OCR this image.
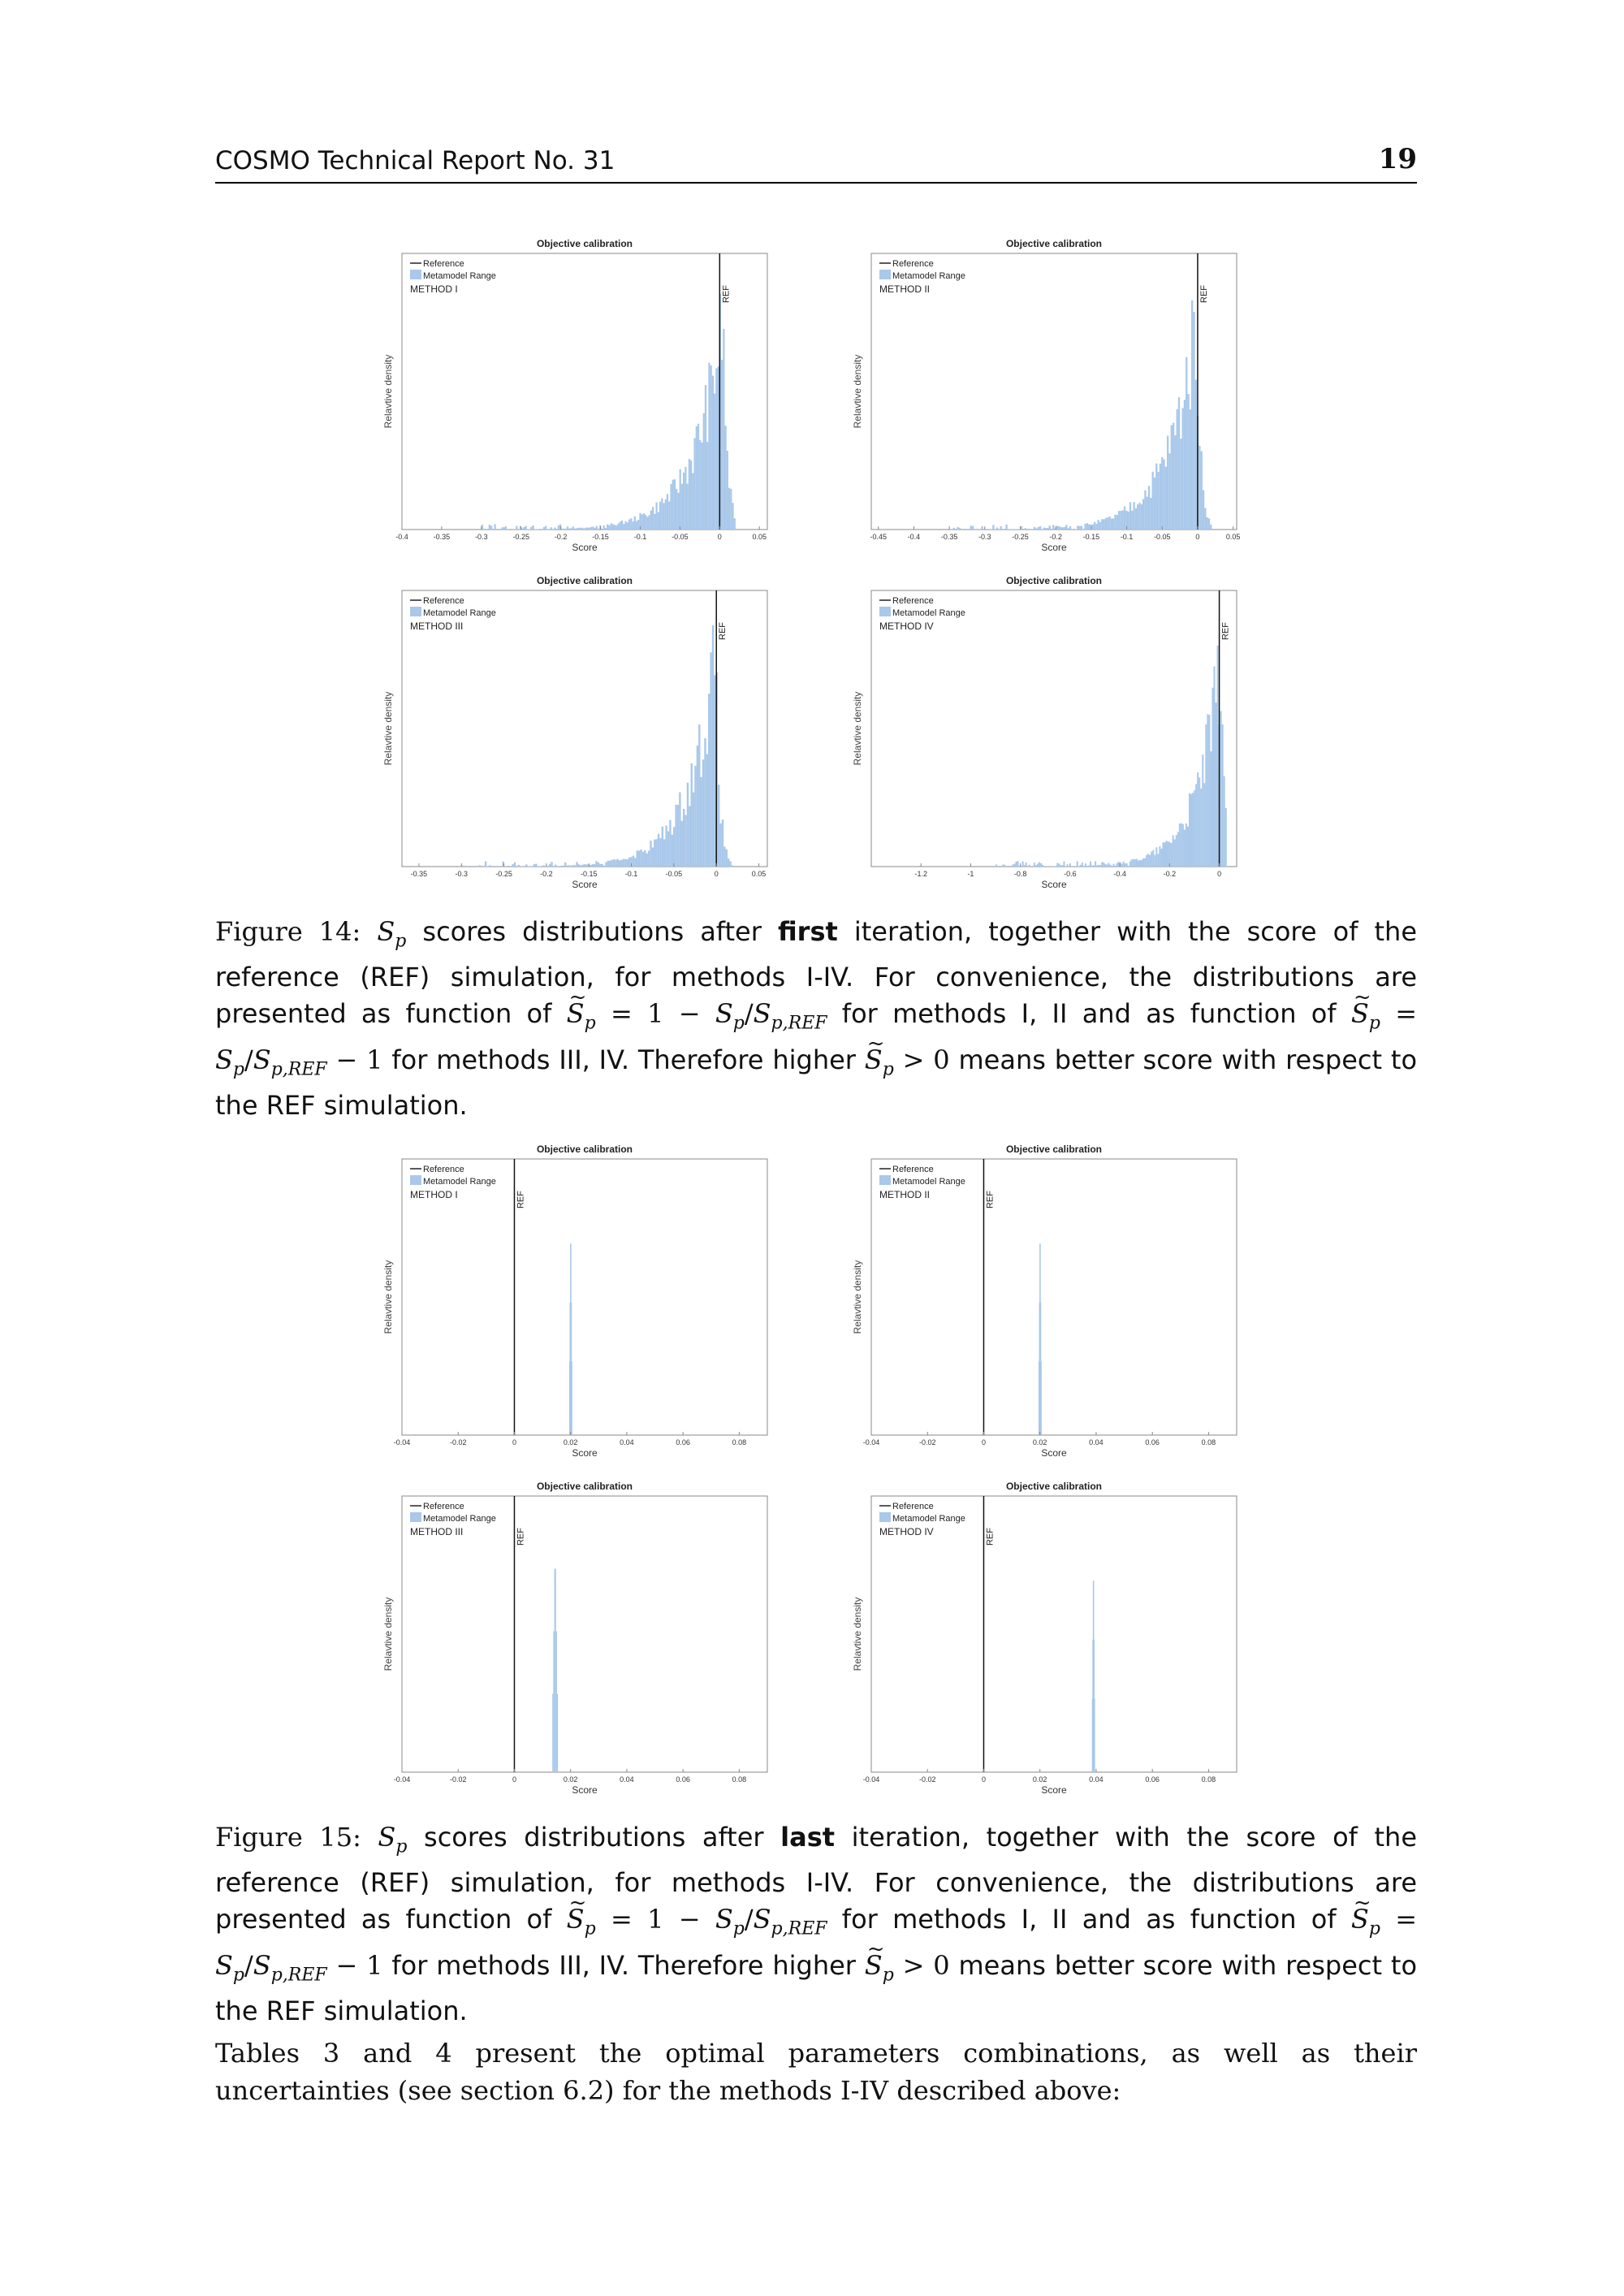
COSMO Technical Report No. 31	19
Objective calibration
REF
-0.4	-0.35	-0.3	-0.25	-0.2	-0.15	-0.1	-0.05	0	0.05
Score
Relavtive density
Reference
Metamodel Range
METHOD I
Objective calibration
REF
-0.45	-0.4	-0.35	-0.3	-0.25	-0.2	-0.15	-0.1	-0.05	0	0.05
Score
Relavtive density
Reference
Metamodel Range
METHOD II
Objective calibration
REF
-0.35	-0.3	-0.25	-0.2	-0.15	-0.1	-0.05	0	0.05
Score
Relavtive density
Reference
Metamodel Range
METHOD III
Objective calibration
REF
-1.2	-1	-0.8	-0.6	-0.4	-0.2	0
Score
Relavtive density
Reference
Metamodel Range
METHOD IV
Figure 14: $S_p$ scores distributions after first iteration, together with the score of the reference (REF) simulation, for methods I-IV. For convenience, the distributions are presented as function of ~ $S_p = 1 - S_p/S_{p,REF}$ for methods I, II and as function of ~ $S_p = S_p/S_{p,REF} - 1$ for methods III, IV. Therefore higher ~ $S_p > 0$ means better score with respect to the REF simulation.
Objective calibration
REF
-0.04	-0.02	0	0.02	0.04	0.06	0.08
Score
Relavtive density
Reference
Metamodel Range
METHOD I
Objective calibration
REF
-0.04	-0.02	0	0.02	0.04	0.06	0.08
Score
Relavtive density
Reference
Metamodel Range
METHOD II
Objective calibration
REF
-0.04	-0.02	0	0.02	0.04	0.06	0.08
Score
Relavtive density
Reference
Metamodel Range
METHOD III
Objective calibration
REF
-0.04	-0.02	0	0.02	0.04	0.06	0.08
Score
Relavtive density
Reference
Metamodel Range
METHOD IV
Figure 15: $S_p$ scores distributions after last iteration, together with the score of the reference (REF) simulation, for methods I-IV. For convenience, the distributions are presented as function of ~ $S_p = 1 - S_p/S_{p,REF}$ for methods I, II and as function of ~ $S_p = S_p/S_{p,REF} - 1$ for methods III, IV. Therefore higher ~ $S_p > 0$ means better score with respect to the REF simulation.
Tables 3 and 4 present the optimal parameters combinations, as well as their uncertainties (see section 6.2) for the methods I-IV described above:
